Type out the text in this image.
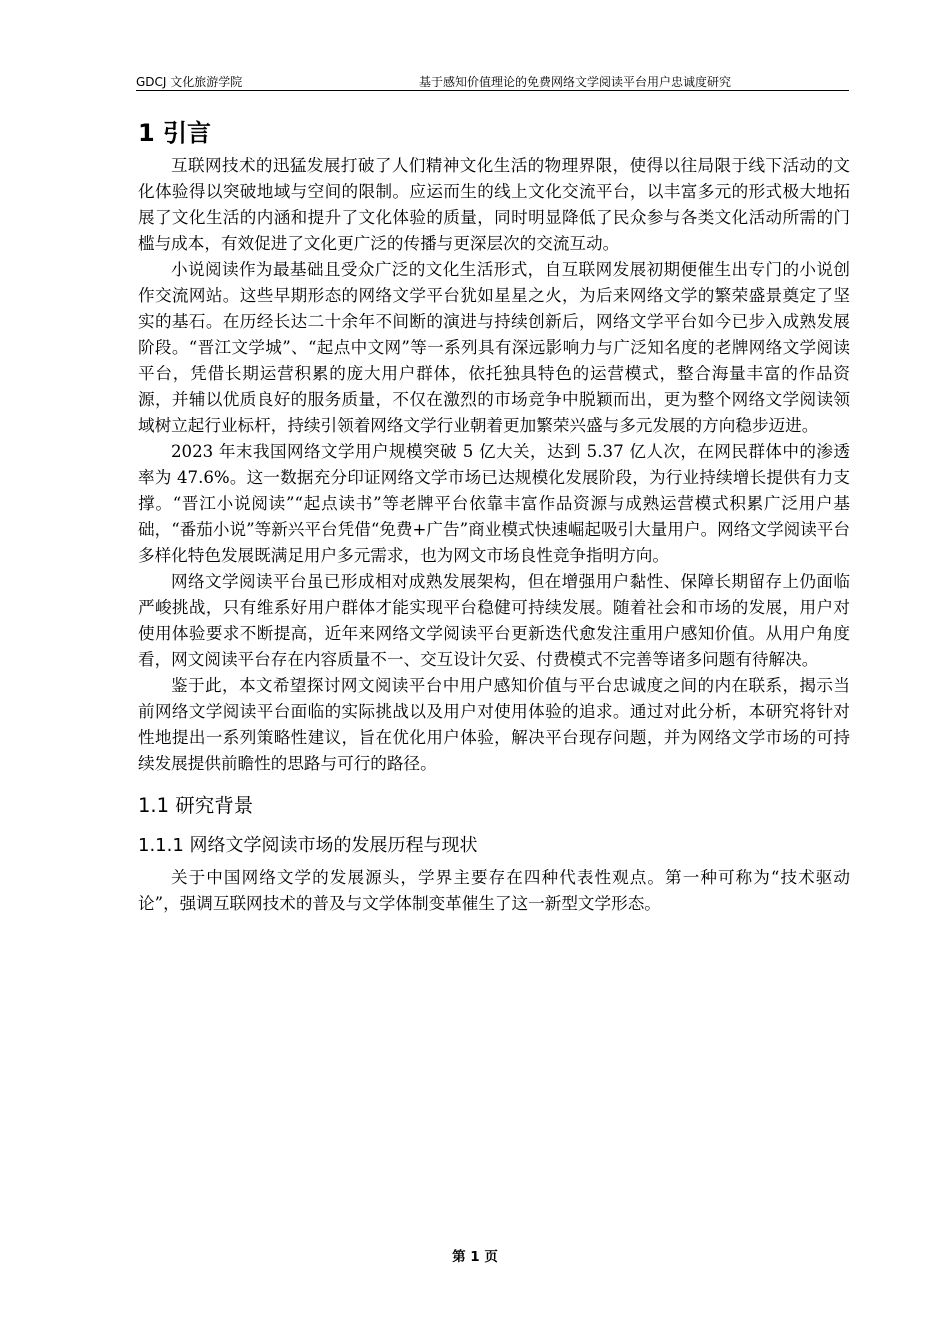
GDCJ 文化旅游学院	基于感知价值理论的免费网络文学阅读平台用户忠诚度研究
1 引言

互联网技术的迅猛发展打破了人们精神文化生活的物理界限，使得以往局限于线下活动的文化体验得以突破地域与空间的限制。应运而生的线上文化交流平台，以丰富多元的形式极大地拓展了文化生活的内涵和提升了文化体验的质量，同时明显降低了民众参与各类文化活动所需的门槛与成本，有效促进了文化更广泛的传播与更深层次的交流互动。

小说阅读作为最基础且受众广泛的文化生活形式，自互联网发展初期便催生出专门的小说创作交流网站。这些早期形态的网络文学平台犹如星星之火，为后来网络文学的繁荣盛景奠定了坚实的基石。在历经长达二十余年不间断的演进与持续创新后，网络文学平台如今已步入成熟发展阶段。“晋江文学城”、“起点中文网”等一系列具有深远影响力与广泛知名度的老牌网络文学阅读平台，凭借长期运营积累的庞大用户群体，依托独具特色的运营模式，整合海量丰富的作品资源，并辅以优质良好的服务质量，不仅在激烈的市场竞争中脱颖而出，更为整个网络文学阅读领域树立起行业标杆，持续引领着网络文学行业朝着更加繁荣兴盛与多元发展的方向稳步迈进。

2023 年末我国网络文学用户规模突破 5 亿大关，达到 5.37 亿人次，在网民群体中的渗透率为 47.6%。这一数据充分印证网络文学市场已达规模化发展阶段，为行业持续增长提供有力支撑。“晋江小说阅读”“起点读书”等老牌平台依靠丰富作品资源与成熟运营模式积累广泛用户基础，“番茄小说”等新兴平台凭借“免费+广告”商业模式快速崛起吸引大量用户。网络文学阅读平台多样化特色发展既满足用户多元需求，也为网文市场良性竞争指明方向。

网络文学阅读平台虽已形成相对成熟发展架构，但在增强用户黏性、保障长期留存上仍面临严峻挑战，只有维系好用户群体才能实现平台稳健可持续发展。随着社会和市场的发展，用户对使用体验要求不断提高，近年来网络文学阅读平台更新迭代愈发注重用户感知价值。从用户角度看，网文阅读平台存在内容质量不一、交互设计欠妥、付费模式不完善等诸多问题有待解决。

鉴于此，本文希望探讨网文阅读平台中用户感知价值与平台忠诚度之间的内在联系，揭示当前网络文学阅读平台面临的实际挑战以及用户对使用体验的追求。通过对此分析，本研究将针对性地提出一系列策略性建议，旨在优化用户体验，解决平台现存问题，并为网络文学市场的可持续发展提供前瞻性的思路与可行的路径。

1.1 研究背景
1.1.1 网络文学阅读市场的发展历程与现状

关于中国网络文学的发展源头，学界主要存在四种代表性观点。第一种可称为“技术驱动论”，强调互联网技术的普及与文学体制变革催生了这一新型文学形态。

第 1 页
